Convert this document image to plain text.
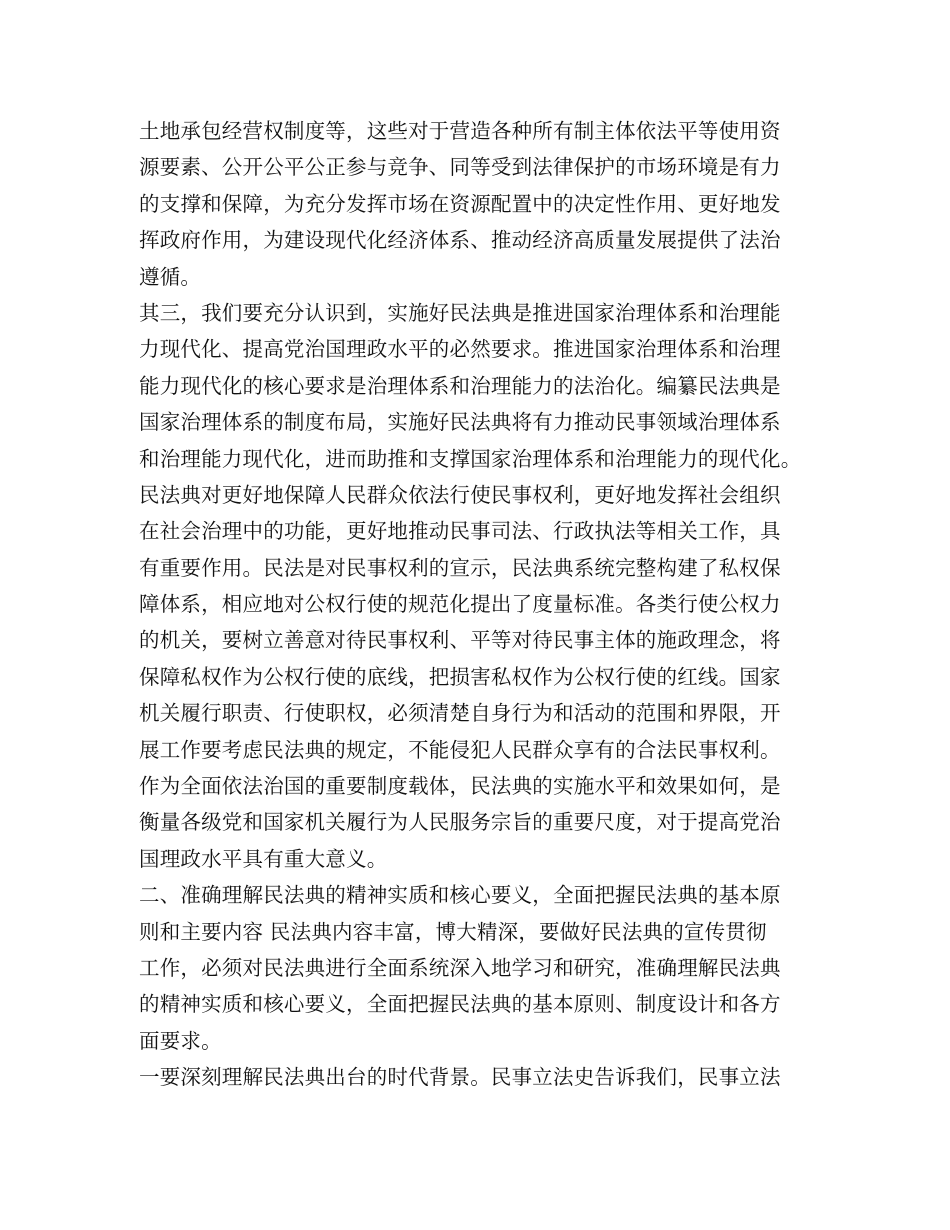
土地承包经营权制度等，这些对于营造各种所有制主体依法平等使用资
源要素、公开公平公正参与竞争、同等受到法律保护的市场环境是有力
的支撑和保障，为充分发挥市场在资源配置中的决定性作用、更好地发
挥政府作用，为建设现代化经济体系、推动经济高质量发展提供了法治
遵循。
其三，我们要充分认识到，实施好民法典是推进国家治理体系和治理能
力现代化、提高党治国理政水平的必然要求。推进国家治理体系和治理
能力现代化的核心要求是治理体系和治理能力的法治化。编纂民法典是
国家治理体系的制度布局，实施好民法典将有力推动民事领域治理体系
和治理能力现代化，进而助推和支撑国家治理体系和治理能力的现代化。
民法典对更好地保障人民群众依法行使民事权利，更好地发挥社会组织
在社会治理中的功能，更好地推动民事司法、行政执法等相关工作，具
有重要作用。民法是对民事权利的宣示，民法典系统完整构建了私权保
障体系，相应地对公权行使的规范化提出了度量标准。各类行使公权力
的机关，要树立善意对待民事权利、平等对待民事主体的施政理念，将
保障私权作为公权行使的底线，把损害私权作为公权行使的红线。国家
机关履行职责、行使职权，必须清楚自身行为和活动的范围和界限，开
展工作要考虑民法典的规定，不能侵犯人民群众享有的合法民事权利。
作为全面依法治国的重要制度载体，民法典的实施水平和效果如何，是
衡量各级党和国家机关履行为人民服务宗旨的重要尺度，对于提高党治
国理政水平具有重大意义。
二、准确理解民法典的精神实质和核心要义，全面把握民法典的基本原
则和主要内容 民法典内容丰富，博大精深，要做好民法典的宣传贯彻
工作，必须对民法典进行全面系统深入地学习和研究，准确理解民法典
的精神实质和核心要义，全面把握民法典的基本原则、制度设计和各方
面要求。
一要深刻理解民法典出台的时代背景。民事立法史告诉我们，民事立法
